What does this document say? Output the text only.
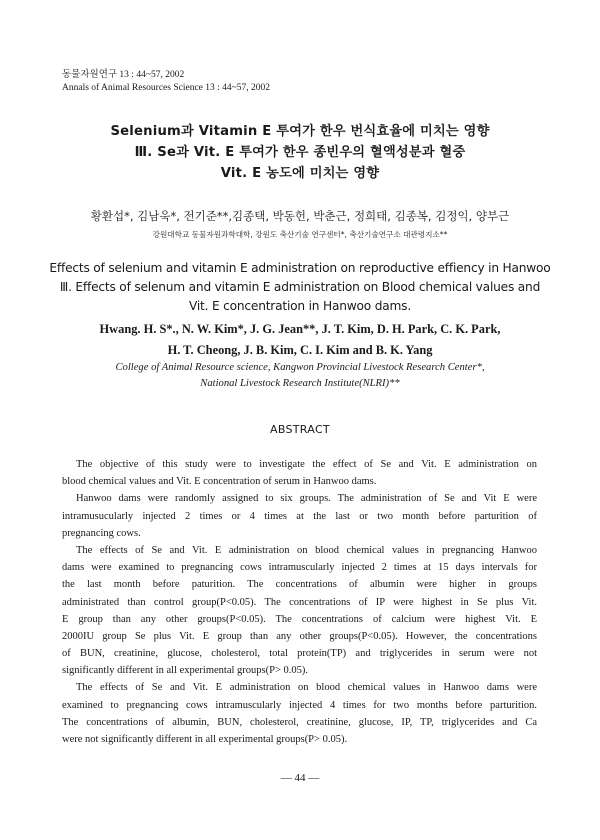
동물자원연구 13 : 44~57, 2002
Annals of Animal Resources Science 13 : 44~57, 2002
Selenium과 Vitamin E 투여가 한우 번식효율에 미치는 영향
Ⅲ. Se과 Vit. E 투여가 한우 종빈우의 혈액성분과 혈중
Vit. E 농도에 미치는 영향
황환섭*, 김남욱*, 전기준**,김종택, 박동헌, 박춘근, 정희태, 김종복, 김정익, 양부근
강원대학교 동물자원과학대학, 강원도 축산기술 연구센터*, 축산기술연구소 대관령지소**
Effects of selenium and vitamin E administration on reproductive effiency in Hanwoo
Ⅲ. Effects of selenum and vitamin E administration on Blood chemical values and
Vit. E concentration in Hanwoo dams.
Hwang. H. S*., N. W. Kim*, J. G. Jean**, J. T. Kim, D. H. Park, C. K. Park,
H. T. Cheong, J. B. Kim, C. I. Kim and B. K. Yang
College of Animal Resource science, Kangwon Provincial Livestock Research Center*,
National Livestock Research Institute(NLRI)**
ABSTRACT
The objective of this study were to investigate the effect of Se and Vit. E administration on
blood chemical values and Vit. E concentration of serum in Hanwoo dams.
Hanwoo dams were randomly assigned to six groups. The administration of Se and Vit E were
intramusucularly injected 2 times or 4 times at the last or two month before parturition of
pregnancing cows.
The effects of Se and Vit. E administration on blood chemical values in pregnancing Hanwoo
dams were examined to pregnancing cows intramuscularly injected 2 times at 15 days intervals for
the last month before paturition. The concentrations of albumin were higher in groups
administrated than control group(P<0.05). The concentrations of IP were highest in Se plus Vit.
E group than any other groups(P<0.05). The concentrations of calcium were highest Vit. E
2000IU group Se plus Vit. E group than any other groups(P<0.05). However, the concentrations
of BUN, creatinine, glucose, cholesterol, total protein(TP) and triglycerides in serum were not
significantly different in all experimental groups(P> 0.05).
The effects of Se and Vit. E administration on blood chemical values in Hanwoo dams were
examined to pregnancing cows intramuscularly injected 4 times for two months before parturition.
The concentrations of albumin, BUN, cholesterol, creatinine, glucose, IP, TP, triglycerides and Ca
were not significantly different in all experimental groups(P> 0.05).
— 44 —
